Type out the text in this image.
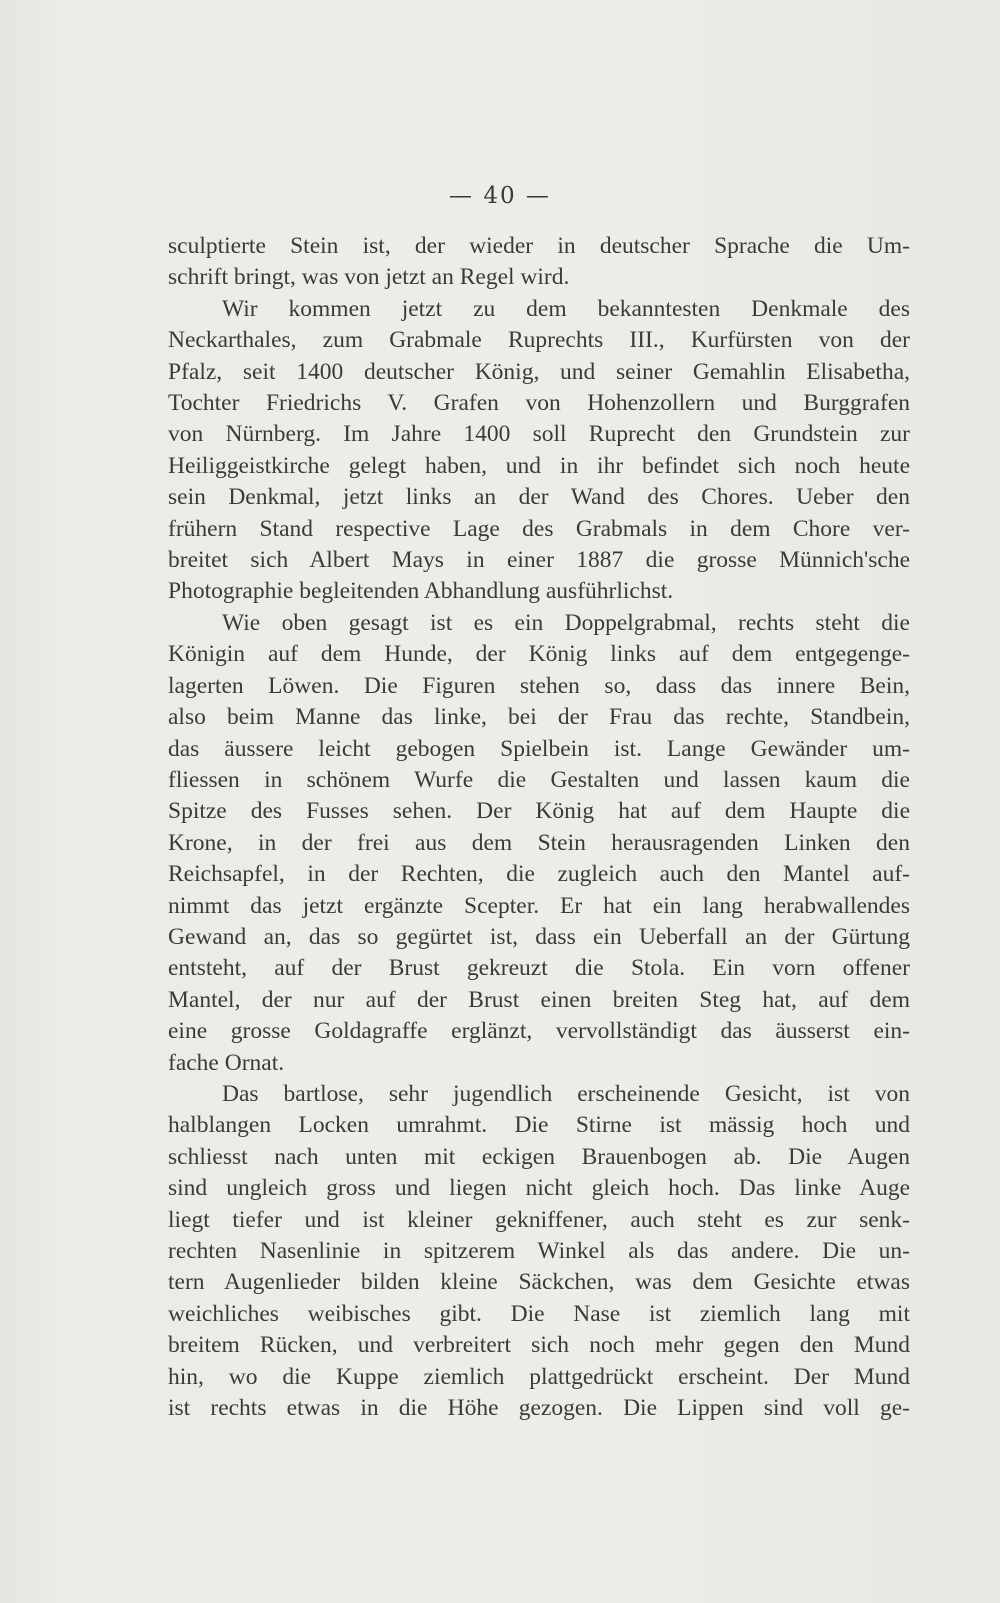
— 40 —
sculptierte Stein ist, der wieder in deutscher Sprache die Um-
schrift bringt, was von jetzt an Regel wird.
Wir kommen jetzt zu dem bekanntesten Denkmale des
Neckarthales, zum Grabmale Ruprechts III., Kurfürsten von der
Pfalz, seit 1400 deutscher König, und seiner Gemahlin Elisabetha,
Tochter Friedrichs V. Grafen von Hohenzollern und Burggrafen
von Nürnberg. Im Jahre 1400 soll Ruprecht den Grundstein zur
Heiliggeistkirche gelegt haben, und in ihr befindet sich noch heute
sein Denkmal, jetzt links an der Wand des Chores. Ueber den
frühern Stand respective Lage des Grabmals in dem Chore ver-
breitet sich Albert Mays in einer 1887 die grosse Münnich'sche
Photographie begleitenden Abhandlung ausführlichst.
Wie oben gesagt ist es ein Doppelgrabmal, rechts steht die
Königin auf dem Hunde, der König links auf dem entgegenge-
lagerten Löwen. Die Figuren stehen so, dass das innere Bein,
also beim Manne das linke, bei der Frau das rechte, Standbein,
das äussere leicht gebogen Spielbein ist. Lange Gewänder um-
fliessen in schönem Wurfe die Gestalten und lassen kaum die
Spitze des Fusses sehen. Der König hat auf dem Haupte die
Krone, in der frei aus dem Stein herausragenden Linken den
Reichsapfel, in der Rechten, die zugleich auch den Mantel auf-
nimmt das jetzt ergänzte Scepter. Er hat ein lang herabwallendes
Gewand an, das so gegürtet ist, dass ein Ueberfall an der Gürtung
entsteht, auf der Brust gekreuzt die Stola. Ein vorn offener
Mantel, der nur auf der Brust einen breiten Steg hat, auf dem
eine grosse Goldagraffe erglänzt, vervollständigt das äusserst ein-
fache Ornat.
Das bartlose, sehr jugendlich erscheinende Gesicht, ist von
halblangen Locken umrahmt. Die Stirne ist mässig hoch und
schliesst nach unten mit eckigen Brauenbogen ab. Die Augen
sind ungleich gross und liegen nicht gleich hoch. Das linke Auge
liegt tiefer und ist kleiner gekniffener, auch steht es zur senk-
rechten Nasenlinie in spitzerem Winkel als das andere. Die un-
tern Augenlieder bilden kleine Säckchen, was dem Gesichte etwas
weichliches weibisches gibt. Die Nase ist ziemlich lang mit
breitem Rücken, und verbreitert sich noch mehr gegen den Mund
hin, wo die Kuppe ziemlich plattgedrückt erscheint. Der Mund
ist rechts etwas in die Höhe gezogen. Die Lippen sind voll ge-
